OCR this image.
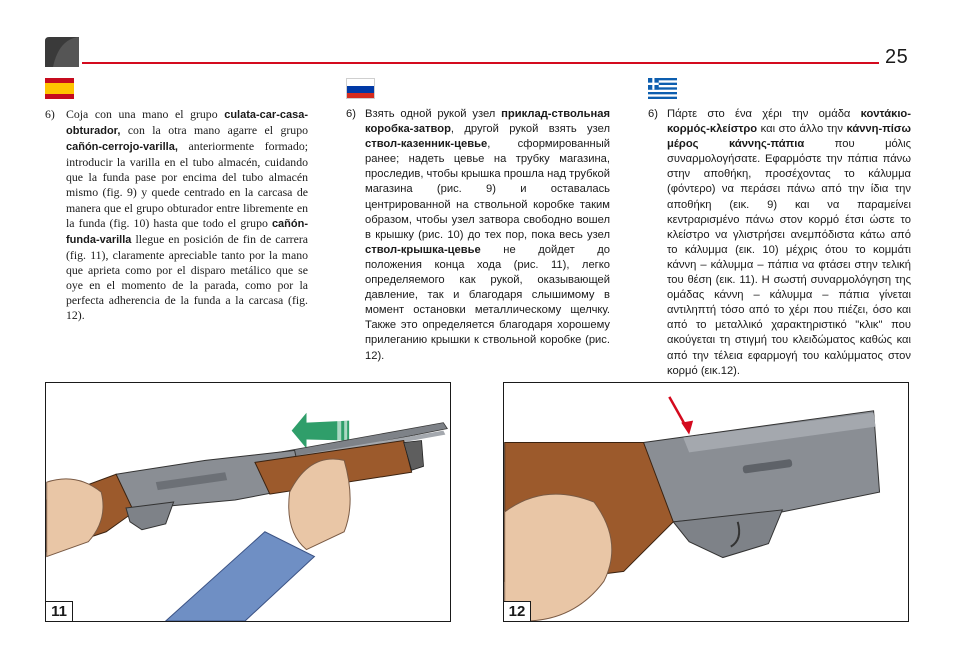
25
6) Coja con una mano el grupo culata-car-casa-obturador, con la otra mano agarre el grupo cañón-cerrojo-varilla, anteriormente formado; introducir la varilla en el tubo almacén, cuidando que la funda pase por encima del tubo almacén mismo (fig. 9) y quede centrado en la carcasa de manera que el grupo obturador entre libremente en la funda (fig. 10) hasta que todo el grupo cañón-funda-varilla llegue en posición de fin de carrera (fig. 11), claramente apreciable tanto por la mano que aprieta como por el disparo metálico que se oye en el momento de la parada, como por la perfecta adherencia de la funda a la carcasa (fig. 12).

6) Взять одной рукой узел приклад-ствольная коробка-затвор, другой рукой взять узел ствол-казенник-цевье, сформированный ранее; надеть цевье на трубку магазина, проследив, чтобы крышка прошла над трубкой магазина (рис. 9) и оставалась центрированной на ствольной коробке таким образом, чтобы узел затвора свободно вошел в крышку (рис. 10) до тех пор, пока весь узел ствол-крышка-цевье не дойдет до положения конца хода (рис. 11), легко определяемого как рукой, оказывающей давление, так и благодаря слышимому в момент остановки металлическому щелчку. Также это определяется благодаря хорошему прилеганию крышки к ствольной коробке (рис. 12).

6) Πάρτε στο ένα χέρι την ομάδα κοντάκιο-κορμός-κλείστρο και στο άλλο την κάννη-πίσω μέρος κάννης-πάπια που μόλις συναρμολογήσατε. Εφαρμόστε την πάπια πάνω στην αποθήκη, προσέχοντας το κάλυμμα (φόντερο) να περάσει πάνω από την ίδια την αποθήκη (εικ. 9) και να παραμείνει κεντραρισμένο πάνω στον κορμό έτσι ώστε το κλείστρο να γλιστρήσει ανεμπόδιστα κάτω από το κάλυμμα (εικ. 10) μέχρις ότου το κομμάτι κάννη – κάλυμμα – πάπια να φτάσει στην τελική του θέση (εικ. 11). Η σωστή συναρμολόγηση της ομάδας κάννη – κάλυμμα – πάπια γίνεται αντιληπτή τόσο από το χέρι που πιέζει, όσο και από το μεταλλικό χαρακτηριστικό "κλικ" που ακούγεται τη στιγμή του κλειδώματος καθώς και από την τέλεια εφαρμογή του καλύμματος στον κορμό (εικ.12).

11	12
